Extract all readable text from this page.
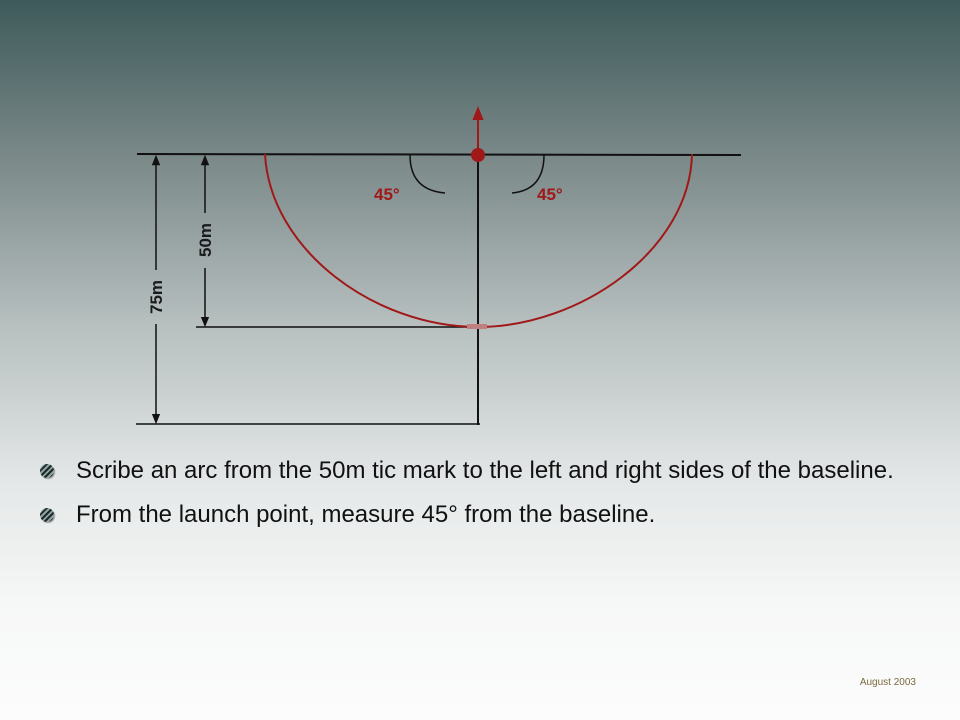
75m
50m
45°	45°
Scribe an arc from the 50m tic mark to the left and right sides of the baseline.
From the launch point, measure 45° from the baseline.
August 2003
